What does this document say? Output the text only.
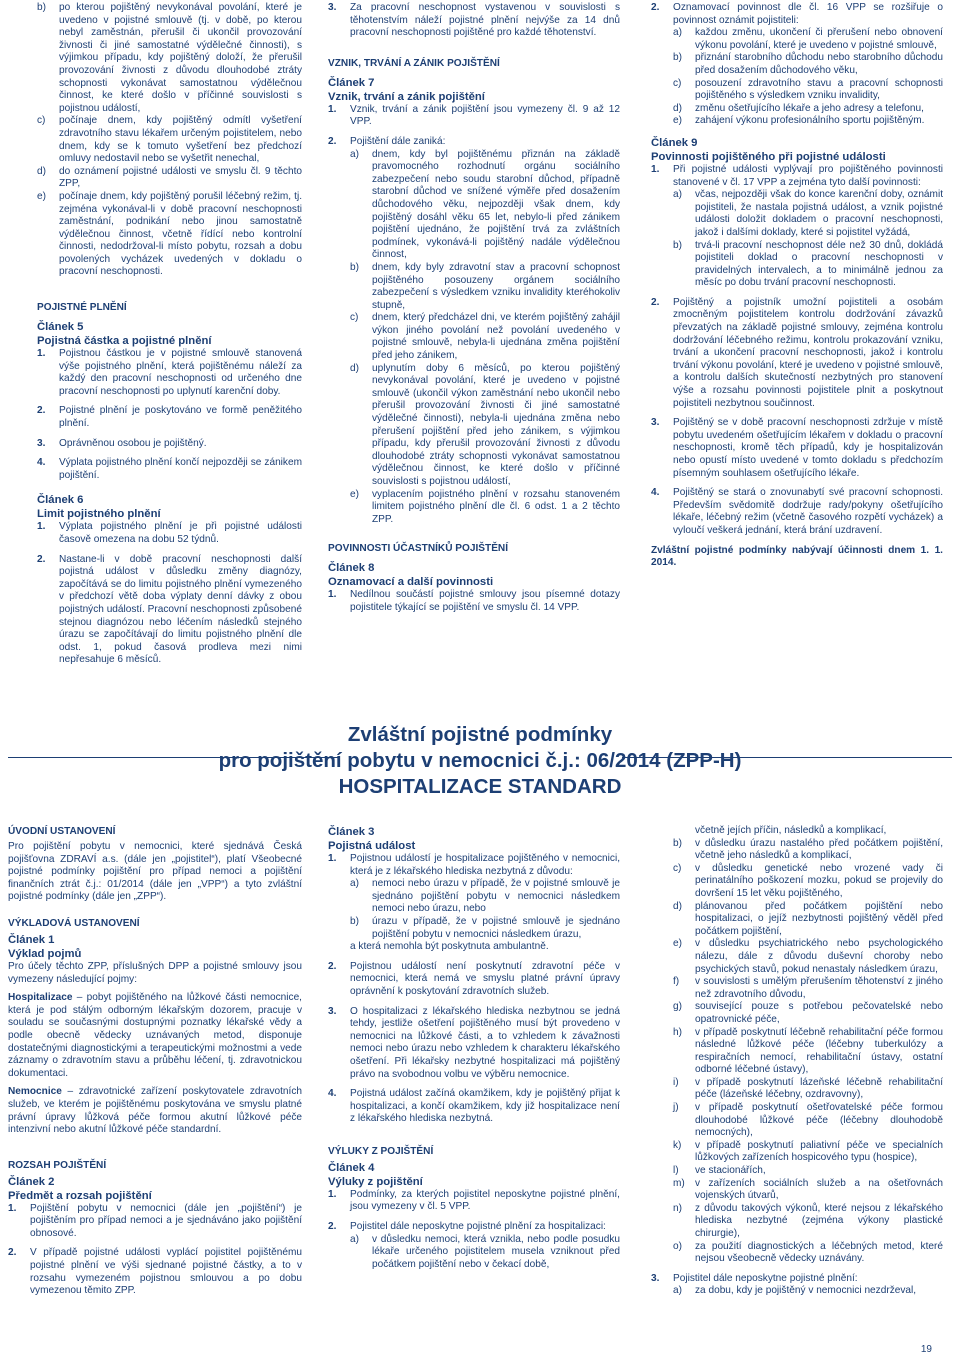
b)	po kterou pojištěný nevykonával povolání, které je uvedeno v pojistné smlouvě (tj. v době, po kterou nebyl zaměstnán, přerušil či ukončil provozování živnosti či jiné samostatné výdělečné činnosti), s výjimkou případu, kdy pojištěný doloží, že přerušil provozování živnosti z důvodu dlouhodobé ztráty schopnosti vykonávat samostatnou výdělečnou činnost, ke které došlo v příčinné souvislosti s pojistnou událostí,
c)	počínaje dnem, kdy pojištěný odmítl vyšetření zdravotního stavu lékařem určeným pojistitelem, nebo dnem, kdy se k tomuto vyšetření bez předchozí omluvy nedostavil nebo se vyšetřit nenechal,
d)	do oznámení pojistné události ve smyslu čl. 9 těchto ZPP,
e)	počínaje dnem, kdy pojištěný porušil léčebný režim, tj. zejména vykonával-li v době pracovní neschopnosti zaměstnání, podnikání nebo jinou samostatně výdělečnou činnost, včetně řídící nebo kontrolní činnosti, nedodržoval-li místo pobytu, rozsah a dobu povolených vycházek uvedených v dokladu o pracovní neschopnosti.

POJISTNÉ PLNĚNÍ

Článek 5

Pojistná částka a pojistné plnění

1.	Pojistnou částkou je v pojistné smlouvě stanovená výše pojistného plnění, která pojištěnému náleží za každý den pracovní neschopnosti od určeného dne pracovní neschopnosti po uplynutí karenční doby.
2.	Pojistné plnění je poskytováno ve formě peněžitého plnění.
3.	Oprávněnou osobou je pojištěný.
4.	Výplata pojistného plnění končí nejpozději se zánikem pojištění.

Článek 6

Limit pojistného plnění

1.	Výplata pojistného plnění je při pojistné události časově omezena na dobu 52 týdnů.
2.	Nastane-li v době pracovní neschopnosti další pojistná událost v důsledku změny diagnózy, započítává se do limitu pojistného plnění vymezeného v předchozí větě doba výplaty denní dávky z obou pojistných událostí. Pracovní neschopnosti způsobené stejnou diagnózou nebo léčením následků stejného úrazu se započítávají do limitu pojistného plnění dle odst. 1, pokud časová prodleva mezi nimi nepřesahuje 6 měsíců.
3.	Za pracovní neschopnost vystavenou v souvislosti s těhotenstvím náleží pojistné plnění nejvýše za 14 dnů pracovní neschopnosti pojištěné pro každé těhotenství.

VZNIK, TRVÁNÍ A ZÁNIK POJIŠTĚNÍ

Článek 7

Vznik, trvání a zánik pojištění

1.	Vznik, trvání a zánik pojištění jsou vymezeny čl. 9 až 12 VPP.
2.	Pojištění dále zaniká:
a)	dnem, kdy byl pojištěnému přiznán na základě pravomocného rozhodnutí orgánu sociálního zabezpečení nebo soudu starobní důchod, případně starobní důchod ve snížené výměře před dosažením důchodového věku, nejpozději však dnem, kdy pojištěný dosáhl věku 65 let, nebylo-li před zánikem pojištění ujednáno, že pojištění trvá za zvláštních podmínek, vykonává-li pojištěný nadále výdělečnou činnost,
b)	dnem, kdy byly zdravotní stav a pracovní schopnost pojištěného posouzeny orgánem sociálního zabezpečení s výsledkem vzniku invalidity kteréhokoliv stupně,
c)	dnem, který předcházel dni, ve kterém pojištěný zahájil výkon jiného povolání než povolání uvedeného v pojistné smlouvě, nebyla-li ujednána změna pojištění před jeho zánikem,
d)	uplynutím doby 6 měsíců, po kterou pojištěný nevykonával povolání, které je uvedeno v pojistné smlouvě (ukončil výkon zaměstnání nebo ukončil nebo přerušil provozování živnosti či jiné samostatné výdělečné činnosti), nebyla-li ujednána změna nebo přerušení pojištění před jeho zánikem, s výjimkou případu, kdy přerušil provozování živnosti z důvodu dlouhodobé ztráty schopnosti vykonávat samostatnou výdělečnou činnost, ke které došlo v příčinné souvislosti s pojistnou událostí,
e)	vyplacením pojistného plnění v rozsahu stanoveném limitem pojistného plnění dle čl. 6 odst. 1 a 2 těchto ZPP.

POVINNOSTI ÚČASTNÍKŮ POJIŠTĚNÍ

Článek 8

Oznamovací a další povinnosti

1.	Nedílnou součástí pojistné smlouvy jsou písemné dotazy pojistitele týkající se pojištění ve smyslu čl. 14 VPP.
2.	Oznamovací povinnost dle čl. 16 VPP se rozšiřuje o povinnost oznámit pojistiteli:
a)	každou změnu, ukončení či přerušení nebo obnovení výkonu povolání, které je uvedeno v pojistné smlouvě,
b)	přiznání starobního důchodu nebo starobního důchodu před dosažením důchodového věku,
c)	posouzení zdravotního stavu a pracovní schopnosti pojištěného s výsledkem vzniku invalidity,
d)	změnu ošetřujícího lékaře a jeho adresy a telefonu,
e)	zahájení výkonu profesionálního sportu pojištěným.

Článek 9

Povinnosti pojištěného při pojistné události

1.	Při pojistné události vyplývají pro pojištěného povinnosti stanovené v čl. 17 VPP a zejména tyto další povinnosti:
a)	včas, nejpozději však do konce karenční doby, oznámit pojistiteli, že nastala pojistná událost, a vznik pojistné události doložit dokladem o pracovní neschopnosti, jakož i dalšími doklady, které si pojistitel vyžádá,
b)	trvá-li pracovní neschopnost déle než 30 dnů, dokládá pojistiteli doklad o pracovní neschopnosti v pravidelných intervalech, a to minimálně jednou za měsíc po dobu trvání pracovní neschopnosti.
2.	Pojištěný a pojistník umožní pojistiteli a osobám zmocněným pojistitelem kontrolu dodržování závazků převzatých na základě pojistné smlouvy, zejména kontrolu dodržování léčebného režimu, kontrolu prokazování vzniku, trvání a ukončení pracovní neschopnosti, jakož i kontrolu trvání výkonu povolání, které je uvedeno v pojistné smlouvě, a kontrolu dalších skutečností nezbytných pro stanovení výše a rozsahu povinnosti pojistitele plnit a poskytnout pojistiteli nezbytnou součinnost.
3.	Pojištěný se v době pracovní neschopnosti zdržuje v místě pobytu uvedeném ošetřujícím lékařem v dokladu o pracovní neschopnosti, kromě těch případů, kdy je hospitalizován nebo opustí místo uvedené v tomto dokladu s předchozím písemným souhlasem ošetřujícího lékaře.
4.	Pojištěný se stará o znovunabytí své pracovní schopnosti. Především svědomitě dodržuje rady/pokyny ošetřujícího lékaře, léčebný režim (včetně časového rozpětí vycházek) a vyloučí veškerá jednání, která brání uzdravení.

Zvláštní pojistné podmínky nabývají účinnosti dnem 1. 1. 2014.

Zvláštní pojistné podmínky
pro pojištění pobytu v nemocnici č.j.: 06/2014 (ZPP-H)
HOSPITALIZACE STANDARD

ÚVODNÍ USTANOVENÍ

Pro pojištění pobytu v nemocnici, které sjednává Česká pojišťovna ZDRAVÍ a.s. (dále jen „pojistitel“), platí Všeobecné pojistné podmínky pojištění pro případ nemoci a pojištění finančních ztrát č.j.: 01/2014 (dále jen „VPP“) a tyto zvláštní pojistné podmínky (dále jen „ZPP“).

VÝKLADOVÁ USTANOVENÍ

Článek 1

Výklad pojmů

Pro účely těchto ZPP, příslušných DPP a pojistné smlouvy jsou vymezeny následující pojmy:

Hospitalizace – pobyt pojištěného na lůžkové části nemocnice, která je pod stálým odborným lékařským dozorem, pracuje v souladu se současnými dostupnými poznatky lékařské vědy a podle obecně vědecky uznávaných metod, disponuje dostatečnými diagnostickými a terapeutickými možnostmi a vede záznamy o zdravotním stavu a průběhu léčení, tj. zdravotnickou dokumentaci.

Nemocnice – zdravotnické zařízení poskytovatele zdravotních služeb, ve kterém je pojištěnému poskytována ve smyslu platné právní úpravy lůžková péče formou akutní lůžkové péče intenzivní nebo akutní lůžkové péče standardní.

ROZSAH POJIŠTĚNÍ

Článek 2

Předmět a rozsah pojištění

1.	Pojištění pobytu v nemocnici (dále jen „pojištění“) je pojištěním pro případ nemoci a je sjednáváno jako pojištění obnosové.
2.	V případě pojistné události vyplácí pojistitel pojištěnému pojistné plnění ve výši sjednané pojistné částky, a to v rozsahu vymezeném pojistnou smlouvou a po dobu vymezenou těmito ZPP.

Článek 3

Pojistná událost

1.	Pojistnou událostí je hospitalizace pojištěného v nemocnici, která je z lékařského hlediska nezbytná z důvodu:
a)	nemoci nebo úrazu v případě, že v pojistné smlouvě je sjednáno pojištění pobytu v nemocnici následkem nemoci nebo úrazu, nebo
b)	úrazu v případě, že v pojistné smlouvě je sjednáno pojištění pobytu v nemocnici následkem úrazu,

a která nemohla být poskytnuta ambulantně.

2.	Pojistnou událostí není poskytnutí zdravotní péče v nemocnici, která nemá ve smyslu platné právní úpravy oprávnění k poskytování zdravotních služeb.
3.	O hospitalizaci z lékařského hlediska nezbytnou se jedná tehdy, jestliže ošetření pojištěného musí být provedeno v nemocnici na lůžkové části, a to vzhledem k závažnosti nemoci nebo úrazu nebo vzhledem k charakteru lékařského ošetření. Při lékařsky nezbytné hospitalizaci má pojištěný právo na svobodnou volbu ve výběru nemocnice.
4.	Pojistná událost začíná okamžikem, kdy je pojištěný přijat k hospitalizaci, a končí okamžikem, kdy již hospitalizace není z lékařského hlediska nezbytná.

VÝLUKY Z POJIŠTĚNÍ

Článek 4

Výluky z pojištění

1.	Podmínky, za kterých pojistitel neposkytne pojistné plnění, jsou vymezeny v čl. 5 VPP.
2.	Pojistitel dále neposkytne pojistné plnění za hospitalizaci:
a)	v důsledku nemoci, která vznikla, nebo podle posudku lékaře určeného pojistitelem musela vzniknout před počátkem pojištění nebo v čekací době,

včetně jejích příčin, následků a komplikací,

b)	v důsledku úrazu nastalého před počátkem pojištění, včetně jeho následků a komplikací,
c)	v důsledku genetické nebo vrozené vady či perinatálního poškození mozku, pokud se projevily do dovršení 15 let věku pojištěného,
d)	plánovanou před počátkem pojištění nebo hospitalizaci, o jejíž nezbytnosti pojištěný věděl před počátkem pojištění,
e)	v důsledku psychiatrického nebo psychologického nálezu, dále z důvodu duševní choroby nebo psychických stavů, pokud nenastaly následkem úrazu,
f)	v souvislosti s umělým přerušením těhotenství z jiného než zdravotního důvodu,
g)	související pouze s potřebou pečovatelské nebo opatrovnické péče,
h)	v případě poskytnutí léčebně rehabilitační péče formou následné lůžkové péče (léčebny tuberkulózy a respiračních nemocí, rehabilitační ústavy, ostatní odborné léčebné ústavy),
i)	v případě poskytnutí lázeňské léčebně rehabilitační péče (lázeňské léčebny, ozdravovny),
j)	v případě poskytnutí ošetřovatelské péče formou dlouhodobé lůžkové péče (léčebny dlouhodobě nemocných),
k)	v případě poskytnutí paliativní péče ve specialních lůžkových zařízeních hospicového typu (hospice),
l)	ve stacionářích,
m)	v zařízeních sociálních služeb a na ošetřovnách vojenských útvarů,
n)	z důvodu takových výkonů, které nejsou z lékařského hlediska nezbytné (zejména výkony plastické chirurgie),
o)	za použití diagnostických a léčebných metod, které nejsou všeobecně vědecky uznávány.
3.	Pojistitel dále neposkytne pojistné plnění:
a)	za dobu, kdy je pojištěný v nemocnici nezdrževal,
19
